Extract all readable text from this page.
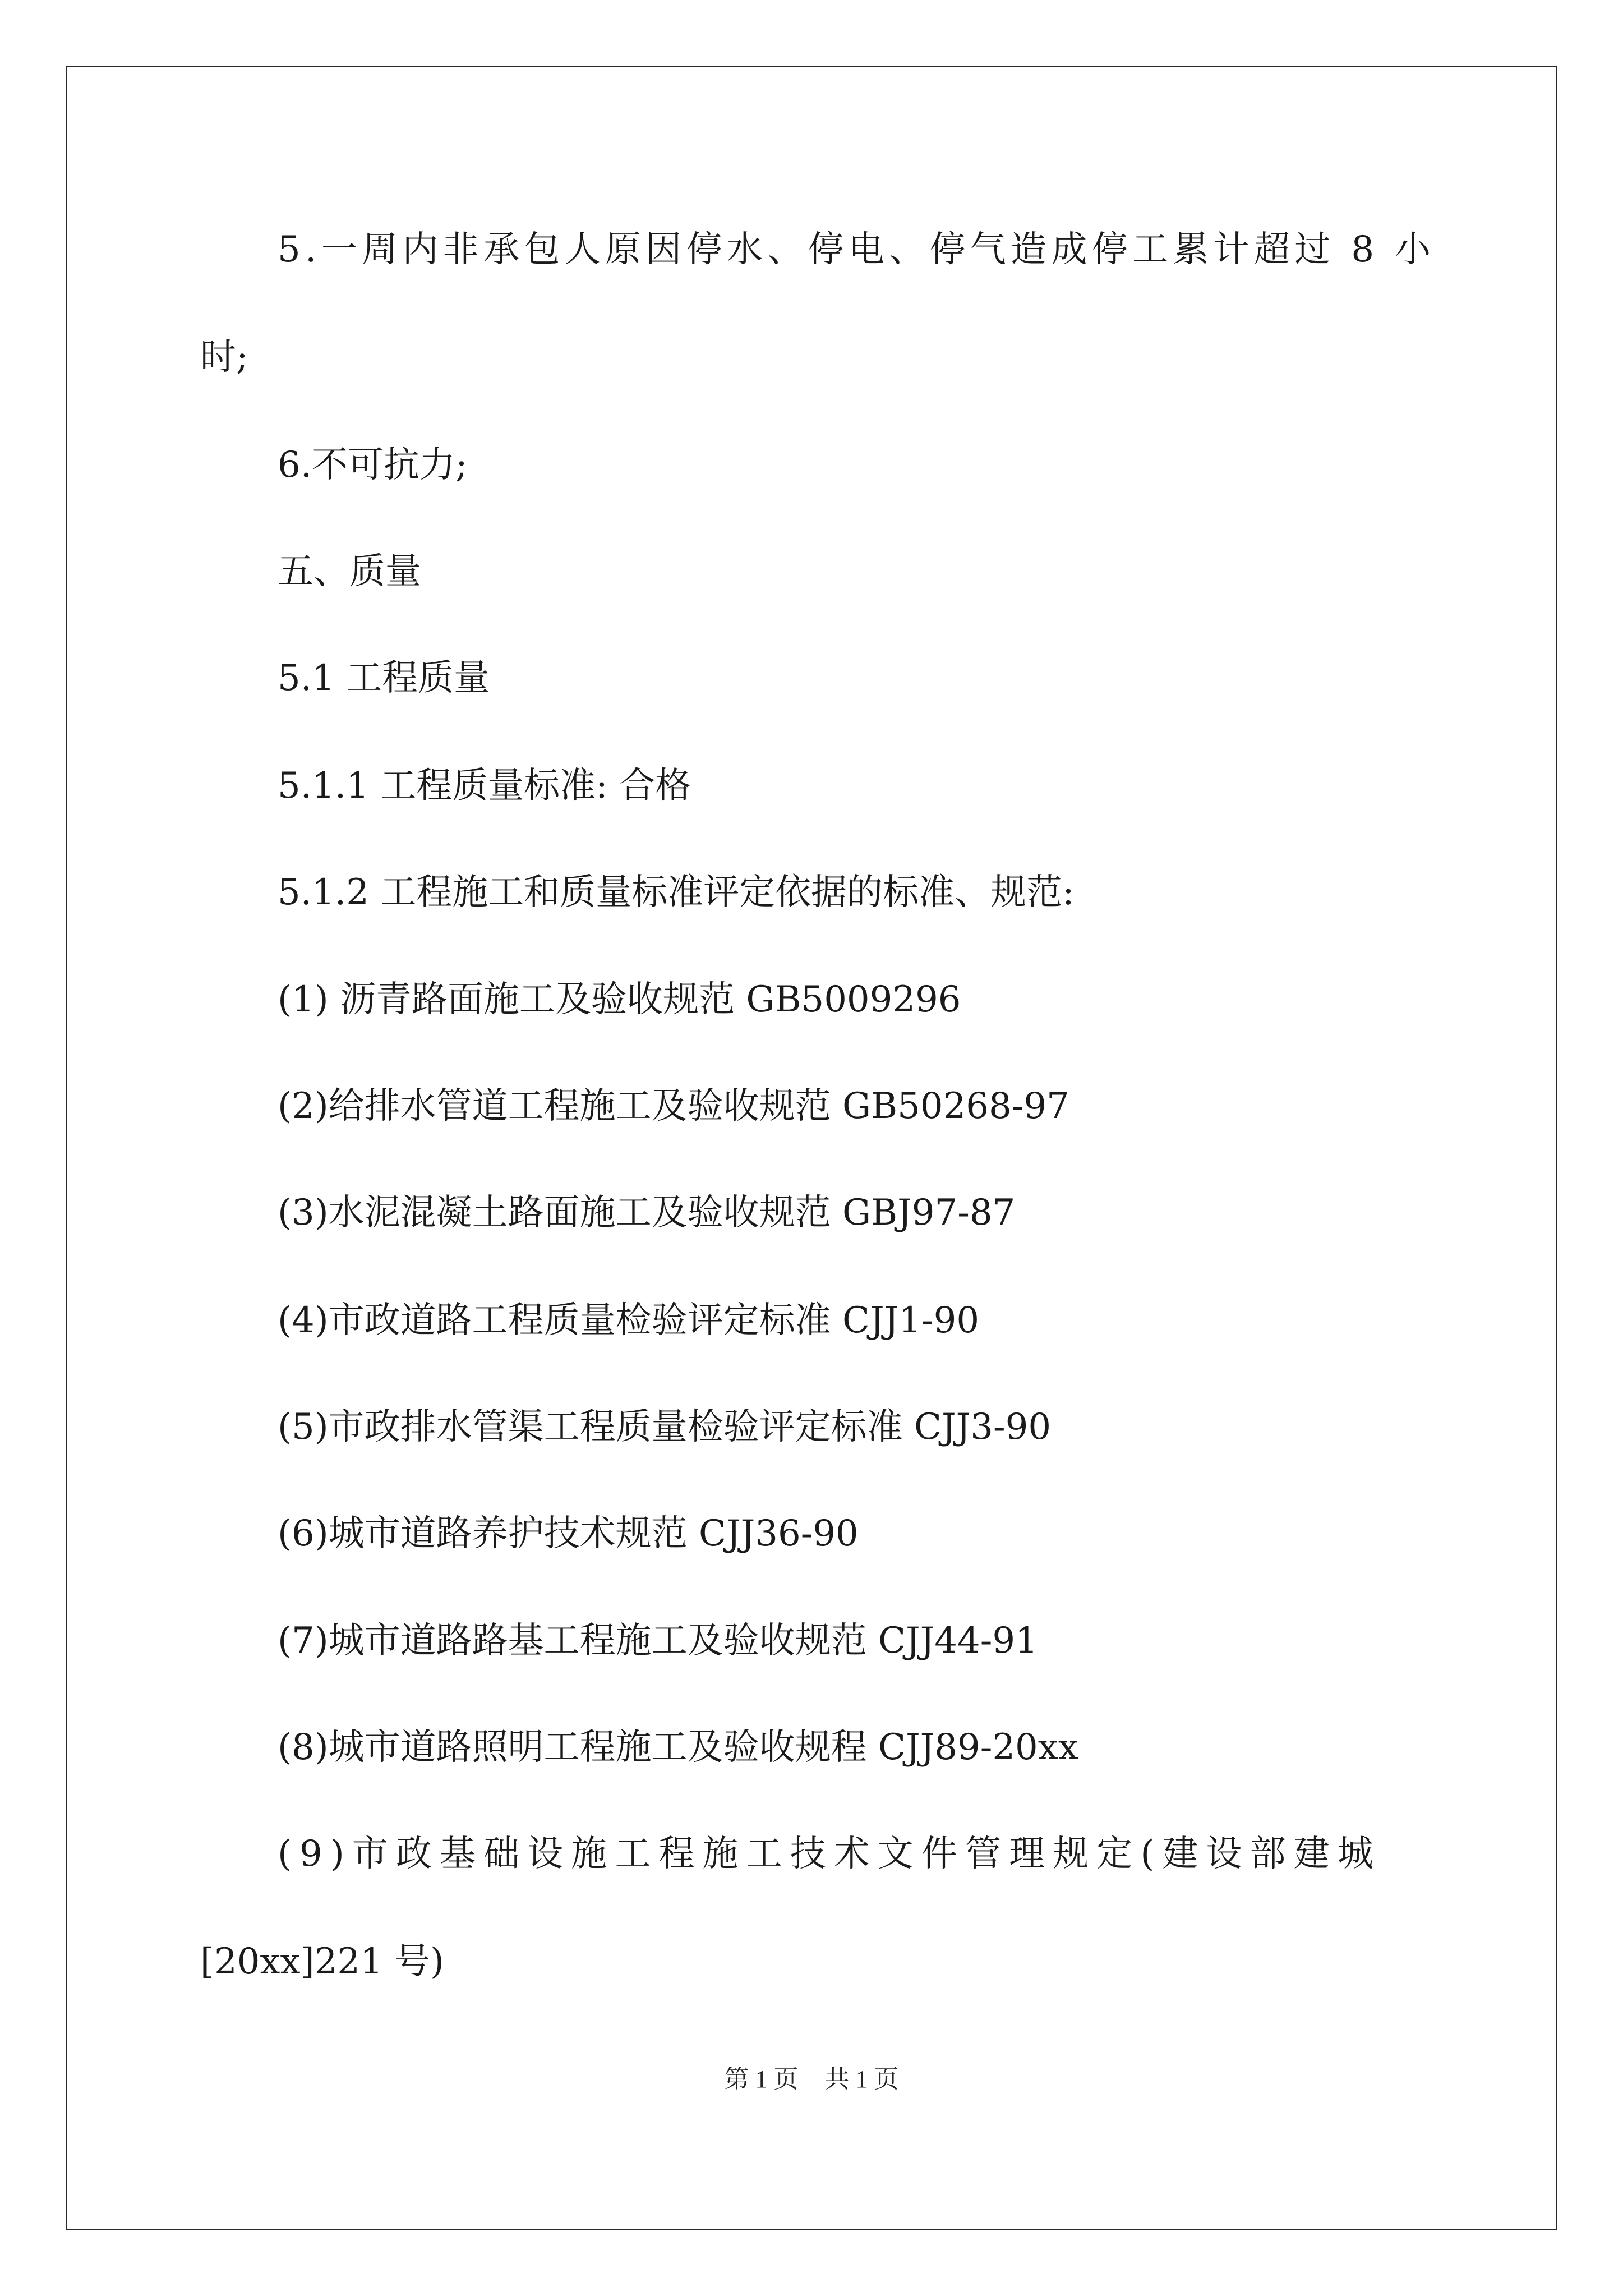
5.一周内非承包人原因停水、停电、停气造成停工累计超过 8 小

时;

6.不可抗力;

五、质量

5.1 工程质量

5.1.1 工程质量标准: 合格

5.1.2 工程施工和质量标准评定依据的标准、规范:

(1) 沥青路面施工及验收规范 GB5009296

(2)给排水管道工程施工及验收规范 GB50268-97

(3)水泥混凝土路面施工及验收规范 GBJ97-87

(4)市政道路工程质量检验评定标准 CJJ1-90

(5)市政排水管渠工程质量检验评定标准 CJJ3-90

(6)城市道路养护技术规范 CJJ36-90

(7)城市道路路基工程施工及验收规范 CJJ44-91

(8)城市道路照明工程施工及验收规程 CJJ89-20xx

(9)市政基础设施工程施工技术文件管理规定(建设部建城

[20xx]221 号)

第 1 页 共 1 页
